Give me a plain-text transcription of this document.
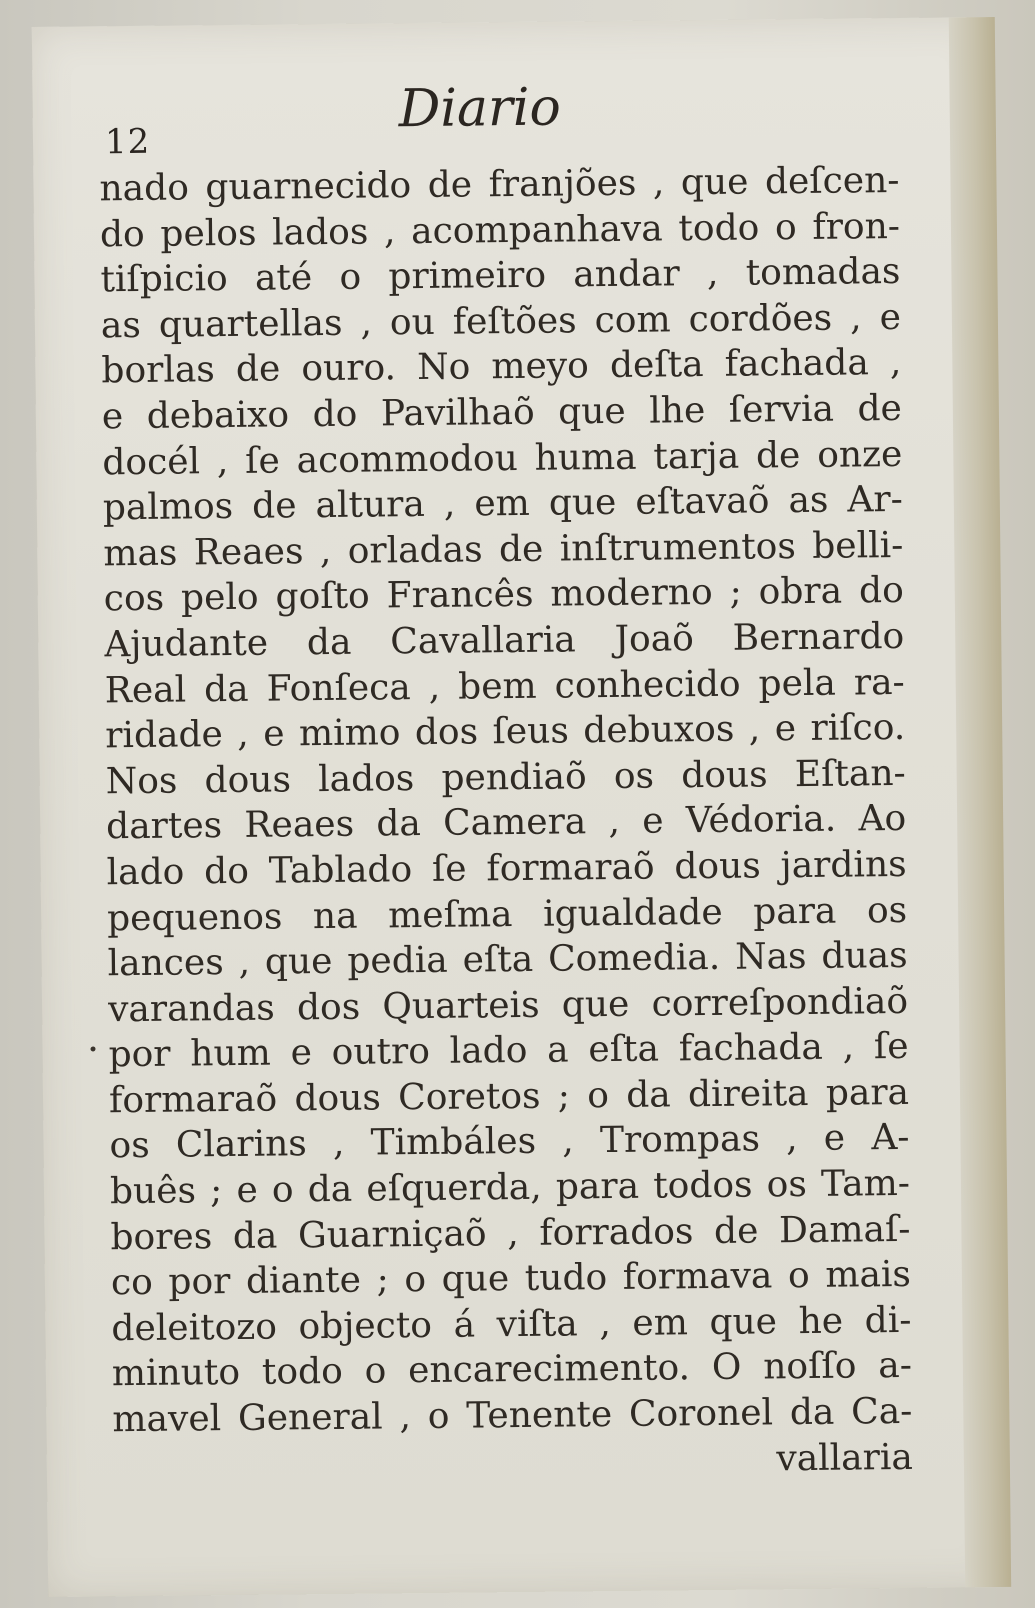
12
Diario
nado guarnecido de franjões , que deſcen-
do pelos lados , acompanhava todo o fron-
tiſpicio até o primeiro andar , tomadas
as quartellas , ou feſtões com cordões , e
borlas de ouro. No meyo deſta fachada ,
e debaixo do Pavilhaõ que lhe ſervia de
docél , ſe acommodou huma tarja de onze
palmos de altura , em que eſtavaõ as Ar-
mas Reaes , orladas de inſtrumentos belli-
cos pelo goſto Francês moderno ; obra do
Ajudante da Cavallaria Joaõ Bernardo
Real da Fonſeca , bem conhecido pela ra-
ridade , e mimo dos ſeus debuxos , e riſco.
Nos dous lados pendiaõ os dous Eſtan-
dartes Reaes da Camera , e Védoria. Ao
lado do Tablado ſe formaraõ dous jardins
pequenos na meſma igualdade para os
lances , que pedia eſta Comedia. Nas duas
varandas dos Quarteis que correſpondiaõ
por hum e outro lado a eſta fachada , ſe
formaraõ dous Coretos ; o da direita para
os Clarins , Timbáles , Trompas , e A-
buês ; e o da eſquerda, para todos os Tam-
bores da Guarniçaõ , forrados de Damaſ-
co por diante ; o que tudo formava o mais
deleitozo objecto á viſta , em que he di-
minuto todo o encarecimento. O noſſo a-
mavel General , o Tenente Coronel da Ca-
vallaria
